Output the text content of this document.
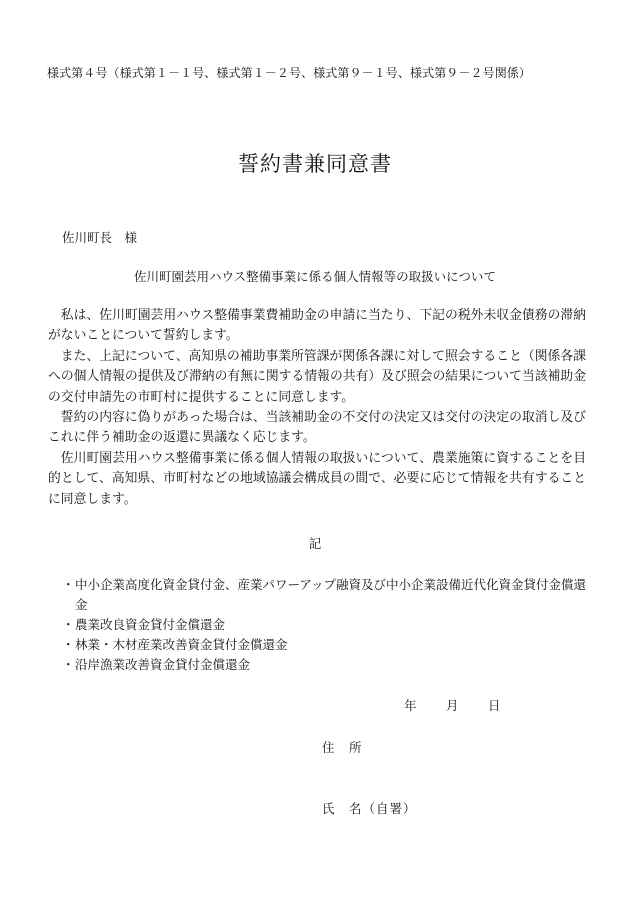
様式第４号（様式第１－１号、様式第１－２号、様式第９－１号、様式第９－２号関係）
誓約書兼同意書
佐川町長　様
佐川町園芸用ハウス整備事業に係る個人情報等の取扱いについて

私は、佐川町園芸用ハウス整備事業費補助金の申請に当たり、下記の税外未収金債務の滞納がないことについて誓約します。

また、上記について、高知県の補助事業所管課が関係各課に対して照会すること（関係各課への個人情報の提供及び滞納の有無に関する情報の共有）及び照会の結果について当該補助金の交付申請先の市町村に提供することに同意します。

誓約の内容に偽りがあった場合は、当該補助金の不交付の決定又は交付の決定の取消し及びこれに伴う補助金の返還に異議なく応じます。

佐川町園芸用ハウス整備事業に係る個人情報の取扱いについて、農業施策に資することを目的として、高知県、市町村などの地域協議会構成員の間で、必要に応じて情報を共有することに同意します。

記
・ 中小企業高度化資金貸付金、産業パワーアップ融資及び中小企業設備近代化資金貸付金償還金
・ 農業改良資金貸付金償還金
・ 林業・木材産業改善資金貸付金償還金
・ 沿岸漁業改善資金貸付金償還金
年 月 日
住　所
氏　名（自署）
